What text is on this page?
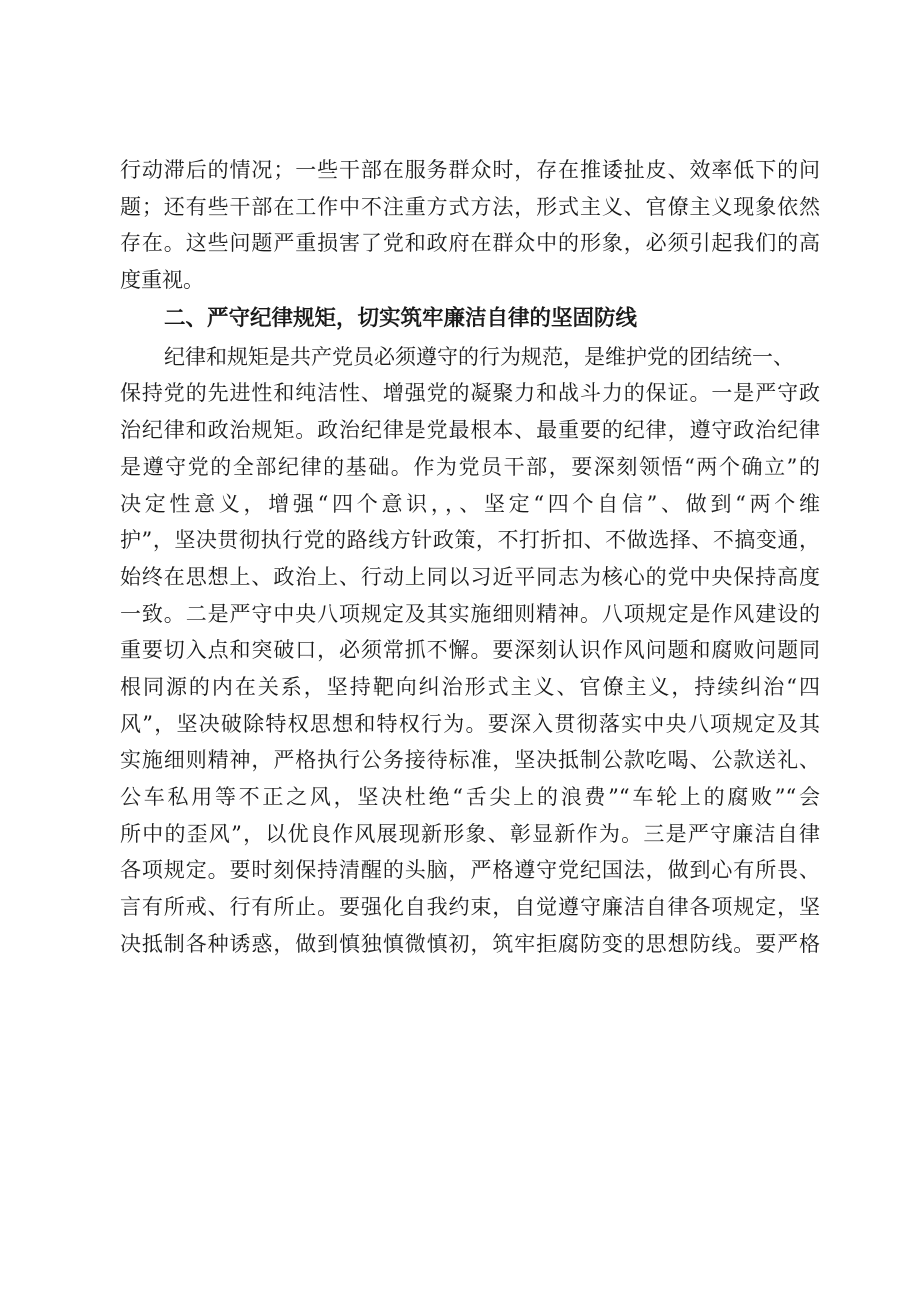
行动滞后的情况；一些干部在服务群众时，存在推诿扯皮、效率低下的问
题；还有些干部在工作中不注重方式方法，形式主义、官僚主义现象依然
存在。这些问题严重损害了党和政府在群众中的形象，必须引起我们的高
度重视。
二、严守纪律规矩，切实筑牢廉洁自律的坚固防线
纪律和规矩是共产党员必须遵守的行为规范，是维护党的团结统一、
保持党的先进性和纯洁性、增强党的凝聚力和战斗力的保证。一是严守政
治纪律和政治规矩。政治纪律是党最根本、最重要的纪律，遵守政治纪律
是遵守党的全部纪律的基础。作为党员干部，要深刻领悟“两个确立”的
决定性意义，增强“四个意识，，、坚定“四个自信”、做到“两个维
护”，坚决贯彻执行党的路线方针政策，不打折扣、不做选择、不搞变通，
始终在思想上、政治上、行动上同以习近平同志为核心的党中央保持高度
一致。二是严守中央八项规定及其实施细则精神。八项规定是作风建设的
重要切入点和突破口，必须常抓不懈。要深刻认识作风问题和腐败问题同
根同源的内在关系，坚持靶向纠治形式主义、官僚主义，持续纠治“四
风”，坚决破除特权思想和特权行为。要深入贯彻落实中央八项规定及其
实施细则精神，严格执行公务接待标准，坚决抵制公款吃喝、公款送礼、
公车私用等不正之风，坚决杜绝“舌尖上的浪费”“车轮上的腐败”“会
所中的歪风”，以优良作风展现新形象、彰显新作为。三是严守廉洁自律
各项规定。要时刻保持清醒的头脑，严格遵守党纪国法，做到心有所畏、
言有所戒、行有所止。要强化自我约束，自觉遵守廉洁自律各项规定，坚
决抵制各种诱惑，做到慎独慎微慎初，筑牢拒腐防变的思想防线。要严格
